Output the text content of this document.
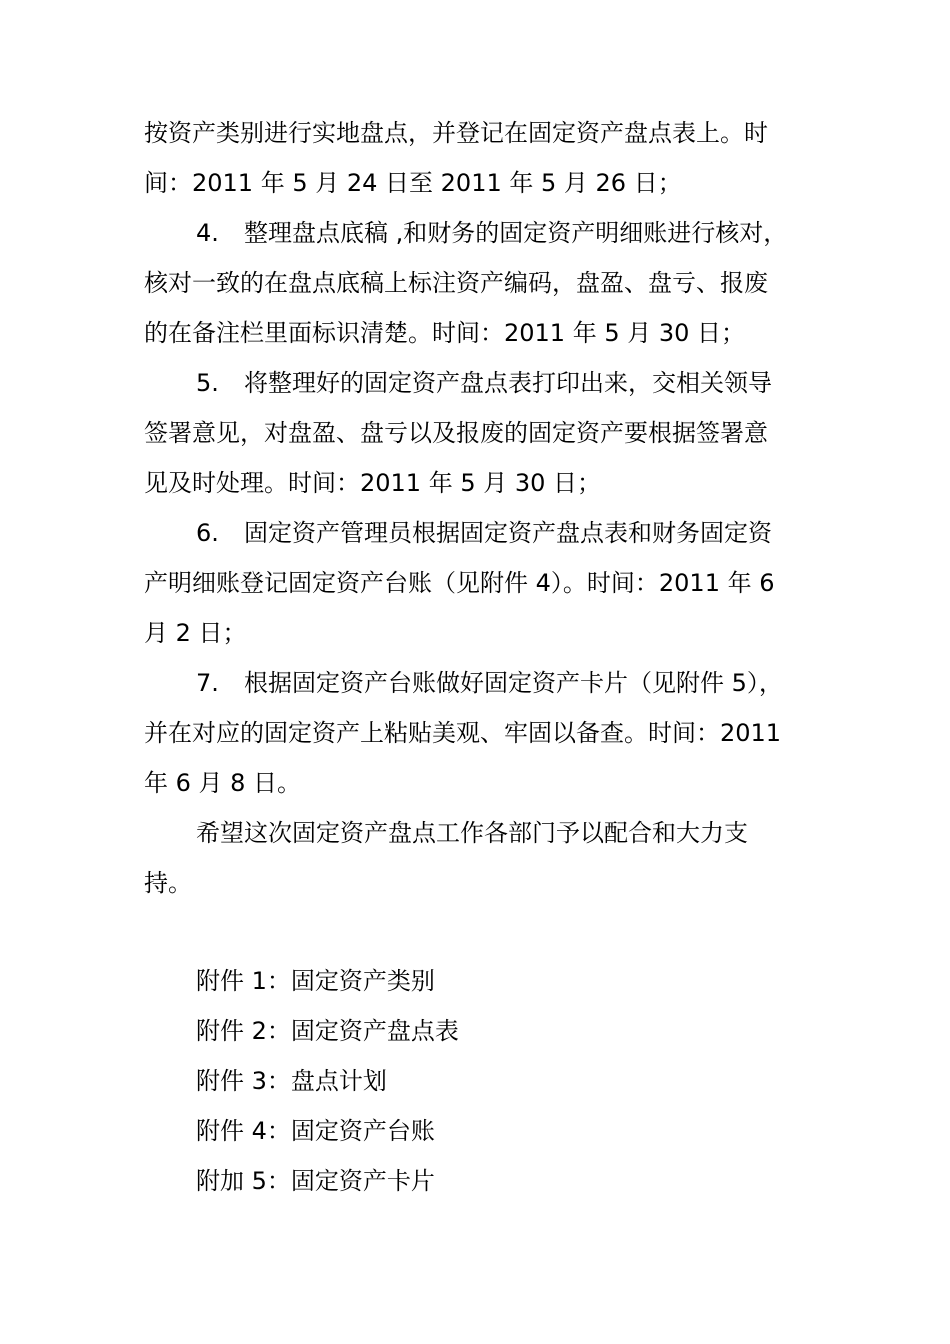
按资产类别进行实地盘点，并登记在固定资产盘点表上。时
间：2011 年 5 月 24 日至 2011 年 5 月 26 日；
4. 整理盘点底稿 ,和财务的固定资产明细账进行核对，
核对一致的在盘点底稿上标注资产编码，盘盈、盘亏、报废
的在备注栏里面标识清楚。时间：2011 年 5 月 30 日；
5. 将整理好的固定资产盘点表打印出来，交相关领导
签署意见，对盘盈、盘亏以及报废的固定资产要根据签署意
见及时处理。时间：2011 年 5 月 30 日；
6. 固定资产管理员根据固定资产盘点表和财务固定资
产明细账登记固定资产台账（见附件 4）。时间：2011 年 6
月 2 日；
7. 根据固定资产台账做好固定资产卡片（见附件 5），
并在对应的固定资产上粘贴美观、牢固以备查。时间：2011
年 6 月 8 日。
希望这次固定资产盘点工作各部门予以配合和大力支
持。
附件 1：固定资产类别
附件 2：固定资产盘点表
附件 3：盘点计划
附件 4：固定资产台账
附加 5：固定资产卡片
